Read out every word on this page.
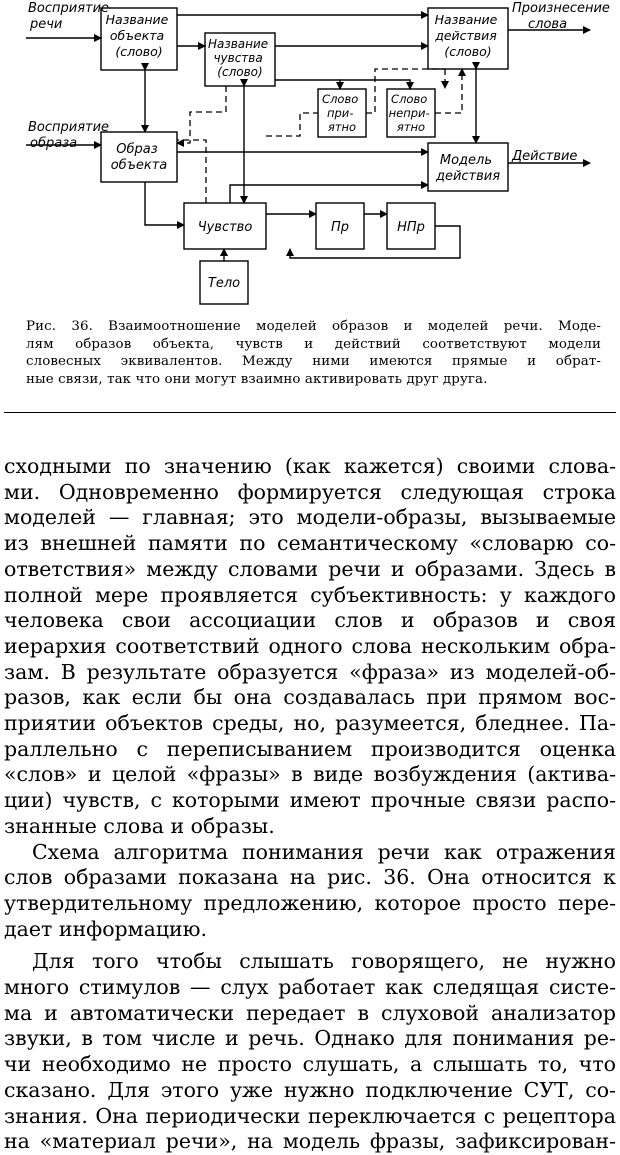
Восприятие
речи
Восприятие
образа
Произнесение
слова
Действие
Название объекта (слово)	Название чувства (слово)
Название действия (слово)
Слово при- ятно
Слово непри- ятно
Образ объекта	Модель действия
Чувство	Пр	НПр
Тело
Рис. 36. Взаимоотношение моделей образов и моделей речи. Моде-
лям образов объекта, чувств и действий соответствуют модели
словесных эквивалентов. Между ними имеются прямые и обрат-
ные связи, так что они могут взаимно активировать друг друга.

сходными по значению (как кажется) своими слова-

ми. Одновременно формируется следующая строка

моделей — главная; это модели-образы, вызываемые

из внешней памяти по семантическому «словарю со-

ответствия» между словами речи и образами. Здесь в

полной мере проявляется субъективность: у каждого

человека свои ассоциации слов и образов и своя

иерархия соответствий одного слова нескольким обра-

зам. В результате образуется «фраза» из моделей-об-

разов, как если бы она создавалась при прямом вос-

приятии объектов среды, но, разумеется, бледнее. Па-

раллельно с переписыванием производится оценка

«слов» и целой «фразы» в виде возбуждения (актива-

ции) чувств, с которыми имеют прочные связи распо-

знанные слова и образы.

Схема алгоритма понимания речи как отражения

слов образами показана на рис. 36. Она относится к

утвердительному предложению, которое просто пере-

дает информацию.

Для того чтобы слышать говорящего, не нужно

много стимулов — слух работает как следящая систе-

ма и автоматически передает в слуховой анализатор

звуки, в том числе и речь. Однако для понимания ре-

чи необходимо не просто слушать, а слышать то, что

сказано. Для этого уже нужно подключение СУТ, со-

знания. Она периодически переключается с рецептора

на «материал речи», на модель фразы, зафиксирован-
